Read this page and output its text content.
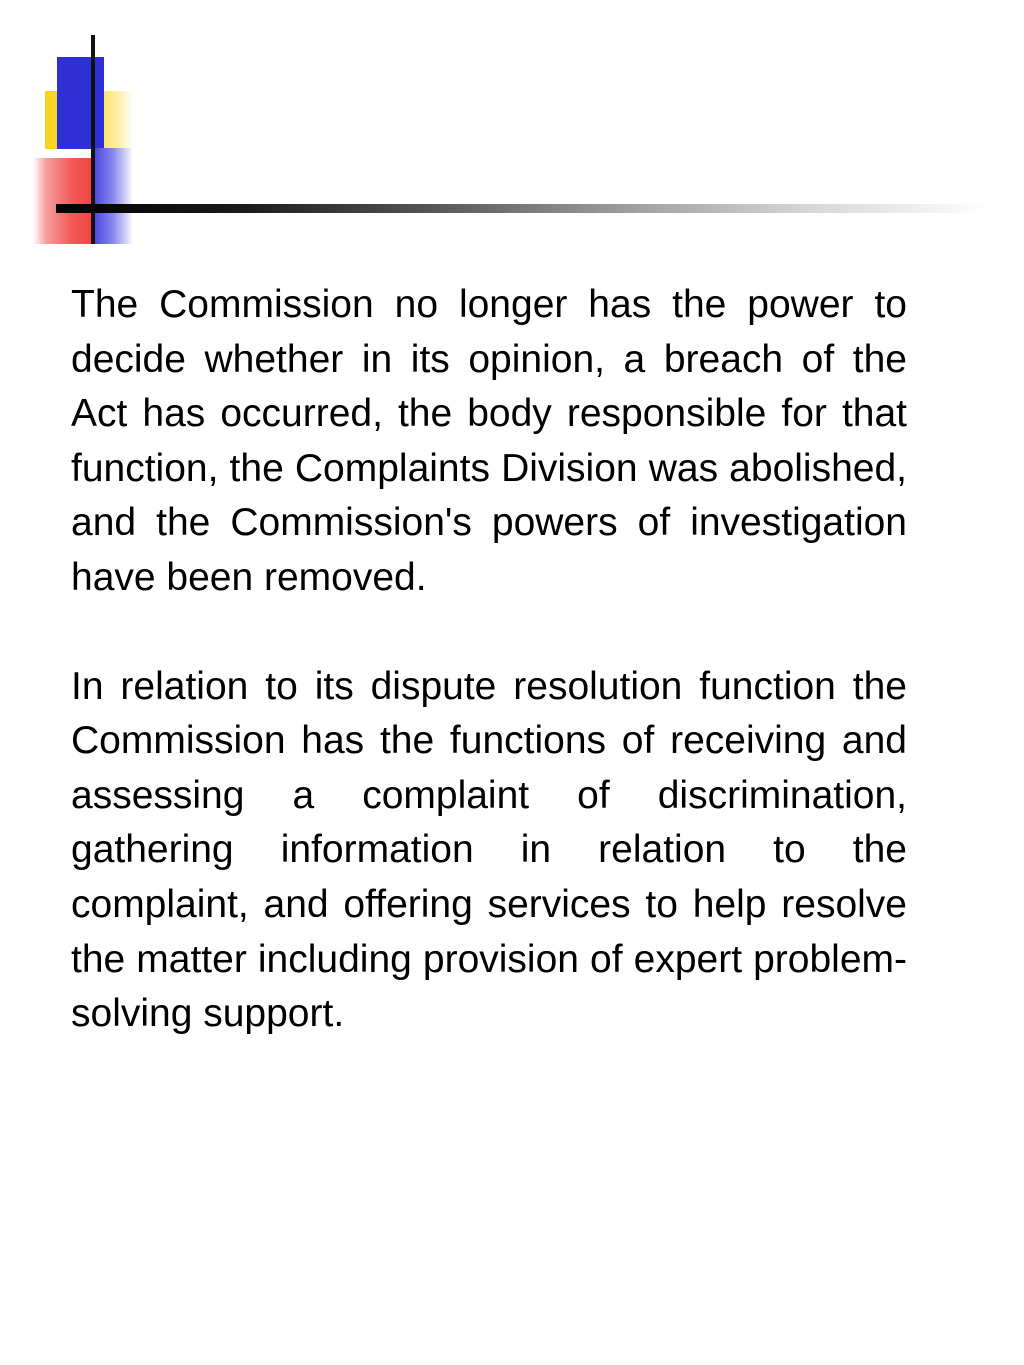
The Commission no longer has the power to decide whether in its opinion, a breach of the Act has occurred, the body responsible for that function, the Complaints Division was abolished, and the Commission's powers of investigation have been removed.

In relation to its dispute resolution function the Commission has the functions of receiving and assessing a complaint of discrimination, gathering information in relation to the complaint, and offering services to help resolve the matter including provision of expert problem-solving support.
